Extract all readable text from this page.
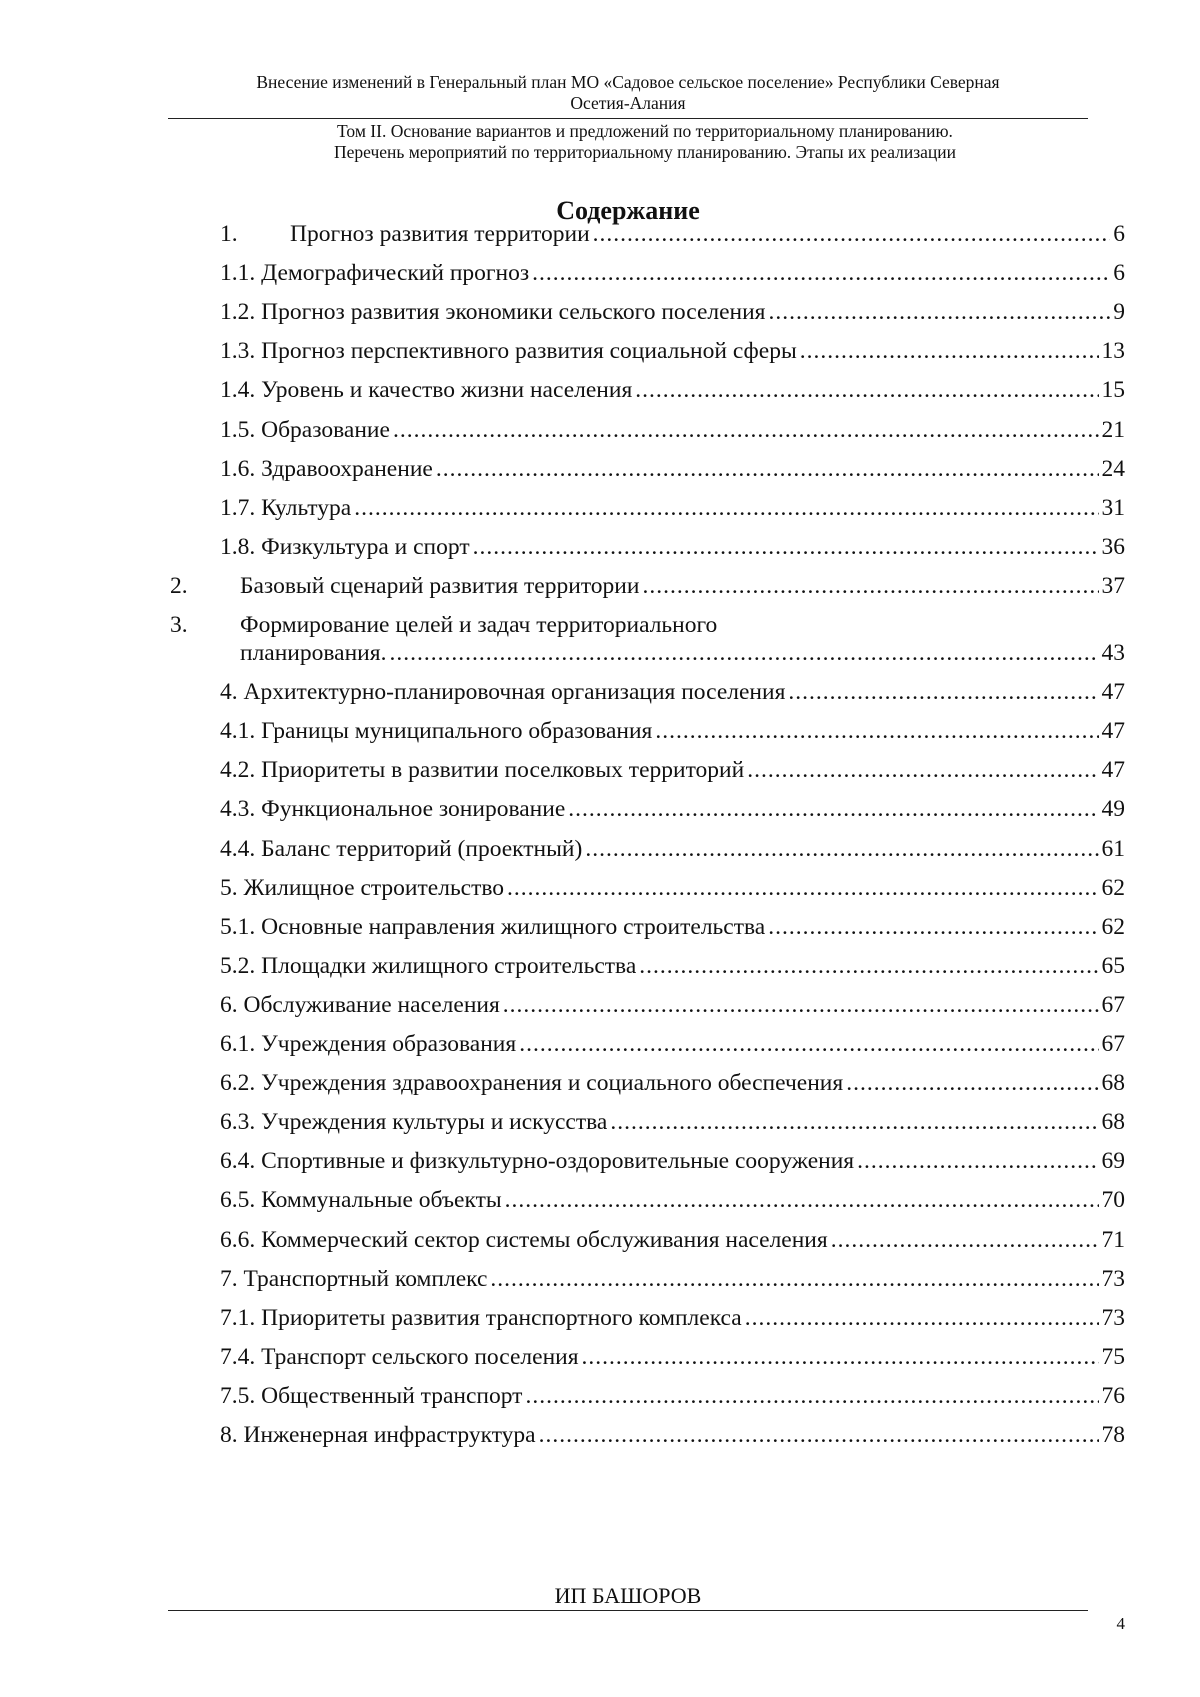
Внесение изменений в Генеральный план МО «Садовое сельское поселение» Республики Северная
Осетия-Алания
Том II. Основание вариантов и предложений по территориальному планированию.
Перечень мероприятий по территориальному планированию. Этапы их реализации
Содержание
1.	Прогноз развития территории .....	6
1.1. Демографический прогноз .....	6
1.2. Прогноз развития экономики сельского поселения .....	9
1.3. Прогноз перспективного развития социальной сферы .....	13
1.4. Уровень и качество жизни населения .....	15
1.5. Образование .....	21
1.6. Здравоохранение .....	24
1.7. Культура .....	31
1.8. Физкультура и спорт .....	36
2.	Базовый сценарий развития территории .....	37
3.	Формирование целей и задач территориального
планирования. .....	43
4. Архитектурно-планировочная организация поселения .....	47
4.1. Границы муниципального образования .....	47
4.2. Приоритеты в развитии поселковых территорий .....	47
4.3. Функциональное зонирование .....	49
4.4. Баланс территорий (проектный) .....	61
5. Жилищное строительство .....	62
5.1. Основные направления жилищного строительства .....	62
5.2. Площадки жилищного строительства .....	65
6. Обслуживание населения .....	67
6.1. Учреждения образования .....	67
6.2. Учреждения здравоохранения и социального обеспечения .....	68
6.3. Учреждения культуры и искусства .....	68
6.4. Спортивные и физкультурно-оздоровительные сооружения .....	69
6.5. Коммунальные объекты .....	70
6.6. Коммерческий сектор системы обслуживания населения .....	71
7. Транспортный комплекс .....	73
7.1. Приоритеты развития транспортного комплекса .....	73
7.4. Транспорт сельского поселения .....	75
7.5. Общественный транспорт .....	76
8. Инженерная инфраструктура .....	78
ИП БАШОРОВ
4
